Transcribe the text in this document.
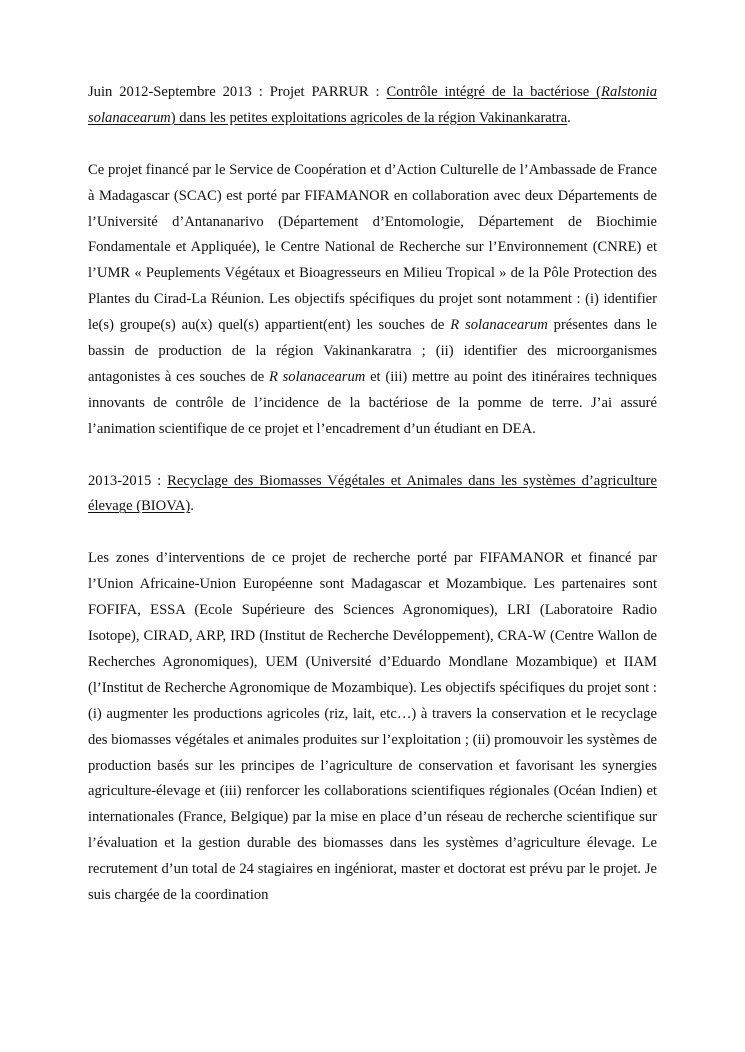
Juin 2012-Septembre 2013 : Projet PARRUR : Contrôle intégré de la bactériose (Ralstonia solanacearum) dans les petites exploitations agricoles de la région Vakinankaratra.

Ce projet financé par le Service de Coopération et d’Action Culturelle de l’Ambassade de France à Madagascar (SCAC) est porté par FIFAMANOR en collaboration avec deux Départements de l’Université d’Antananarivo (Département d’Entomologie, Département de Biochimie Fondamentale et Appliquée), le Centre National de Recherche sur l’Environnement (CNRE) et l’UMR « Peuplements Végétaux et Bioagresseurs en Milieu Tropical » de la Pôle Protection des Plantes du Cirad-La Réunion. Les objectifs spécifiques du projet sont notamment : (i) identifier le(s) groupe(s) au(x) quel(s) appartient(ent) les souches de R solanacearum présentes dans le bassin de production de la région Vakinankaratra ; (ii) identifier des microorganismes antagonistes à ces souches de R solanacearum et (iii) mettre au point des itinéraires techniques innovants de contrôle de l’incidence de la bactériose de la pomme de terre. J’ai assuré l’animation scientifique de ce projet et l’encadrement d’un étudiant en DEA.

2013-2015 : Recyclage des Biomasses Végétales et Animales dans les systèmes d’agriculture élevage (BIOVA).

Les zones d’interventions de ce projet de recherche porté par FIFAMANOR et financé par l’Union Africaine-Union Européenne sont Madagascar et Mozambique. Les partenaires sont FOFIFA, ESSA (Ecole Supérieure des Sciences Agronomiques), LRI (Laboratoire Radio Isotope), CIRAD, ARP, IRD (Institut de Recherche Devéloppement), CRA-W (Centre Wallon de Recherches Agronomiques), UEM (Université d’Eduardo Mondlane Mozambique) et IIAM (l’Institut de Recherche Agronomique de Mozambique). Les objectifs spécifiques du projet sont : (i) augmenter les productions agricoles (riz, lait, etc…) à travers la conservation et le recyclage des biomasses végétales et animales produites sur l’exploitation ; (ii) promouvoir les systèmes de production basés sur les principes de l’agriculture de conservation et favorisant les synergies agriculture-élevage et (iii) renforcer les collaborations scientifiques régionales (Océan Indien) et internationales (France, Belgique) par la mise en place d’un réseau de recherche scientifique sur l’évaluation et la gestion durable des biomasses dans les systèmes d’agriculture élevage. Le recrutement d’un total de 24 stagiaires en ingéniorat, master et doctorat est prévu par le projet. Je suis chargée de la coordination
